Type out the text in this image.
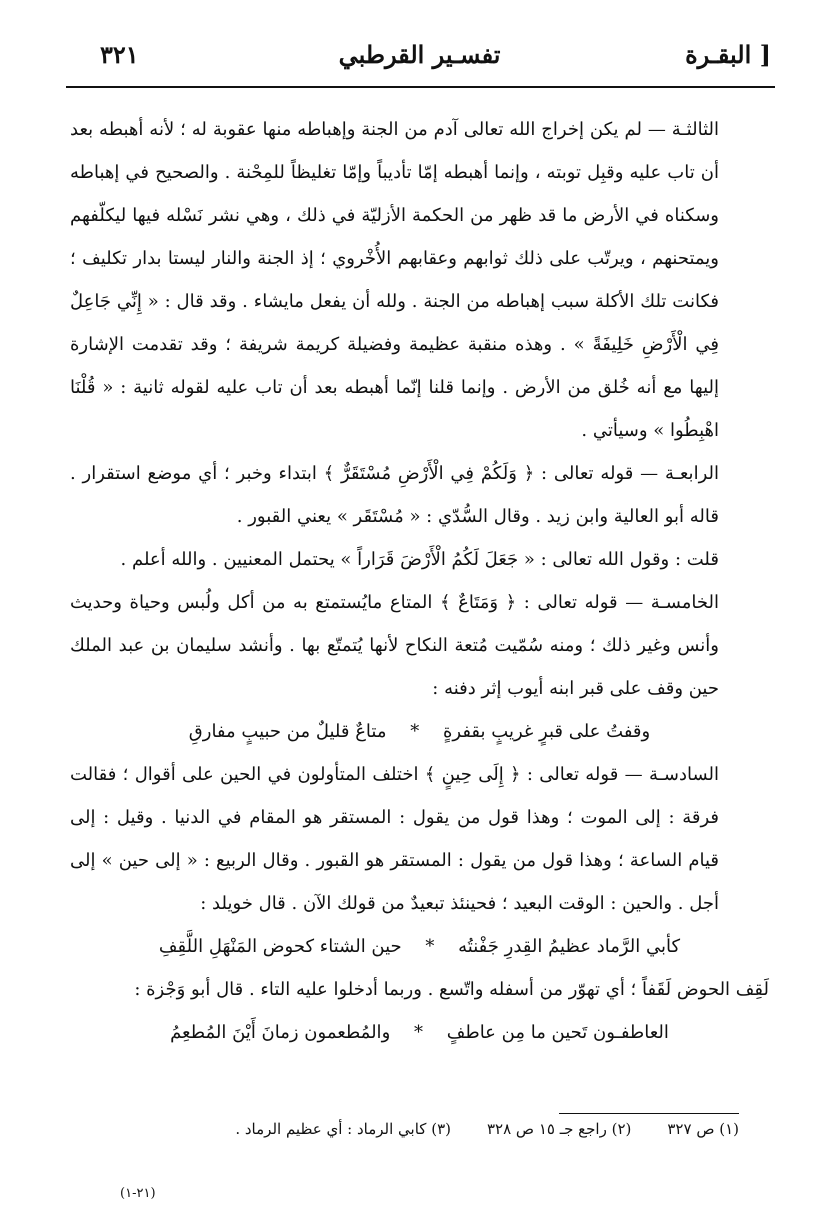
٣٢١	تفسـير القرطبي	البقـرة ]

الثالثـة — لم يكن إخراج الله تعالى آدم من الجنة وإهباطه منها عقوبة له ؛ لأنه أهبطه بعد أن تاب عليه وقبِل توبته ، وإنما أهبطه إمّا تأديباً وإمّا تغليظاً للمِحْنة . والصحيح في إهباطه وسكناه في الأرض ما قد ظهر من الحكمة الأزليّة في ذلك ، وهي نشر نَسْله فيها ليكلّفهم ويمتحنهم ، ويرتّب على ذلك ثوابهم وعقابهم الأُخْروي ؛ إذ الجنة والنار ليستا بدار تكليف ؛ فكانت تلك الأكلة سبب إهباطه من الجنة . ولله أن يفعل مايشاء . وقد قال : « إِنِّي جَاعِلٌ فِي الْأَرْضِ خَلِيفَةً » . وهذه منقبة عظيمة وفضيلة كريمة شريفة ؛ وقد تقدمت الإشارة إليها مع أنه خُلق من الأرض . وإنما قلنا إنّما أهبطه بعد أن تاب عليه لقوله ثانية : « قُلْنَا اهْبِطُوا » وسيأتي .

الرابعـة — قوله تعالى : ﴿ وَلَكُمْ فِي الْأَرْضِ مُسْتَقَرٌّ ﴾ ابتداء وخبر ؛ أي موضع استقرار . قاله أبو العالية وابن زيد . وقال السُّدّي : « مُسْتَقَر » يعني القبور .

قلت : وقول الله تعالى : « جَعَلَ لَكُمُ الْأَرْضَ قَرَاراً » يحتمل المعنيين . والله أعلم .

الخامسـة — قوله تعالى : ﴿ وَمَتَاعٌ ﴾ المتاع مايُستمتع به من أكل ولُبس وحياة وحديث وأنس وغير ذلك ؛ ومنه سُمّيت مُتعة النكاح لأنها يُتمتّع بها . وأنشد سليمان بن عبد الملك حين وقف على قبر ابنه أيوب إثر دفنه :

وقفتُ على قبرٍ غريبٍ بقفرةٍ * متاعٌ قليلٌ من حبيبٍ مفارقِ

السادسـة — قوله تعالى : ﴿ إِلَى حِينٍ ﴾ اختلف المتأولون في الحين على أقوال ؛ فقالت فرقة : إلى الموت ؛ وهذا قول من يقول : المستقر هو المقام في الدنيا . وقيل : إلى قيام الساعة ؛ وهذا قول من يقول : المستقر هو القبور . وقال الربيع : « إلى حين » إلى أجل . والحين : الوقت البعيد ؛ فحينئذ تبعيدٌ من قولك الآن . قال خويلد :

كأبي الرَّماد عظيمُ القِدرِ جَفْنتُه * حين الشتاء كحوض المَنْهَلِ اللَّقِفِ

لَقِف الحوض لَقَفاً ؛ أي تهوّر من أسفله واتّسع . وربما أدخلوا عليه التاء . قال أبو وَجْزة :

العاطفـون تَحين ما مِن عاطفٍ * والمُطعمون زمانَ أَيْنَ المُطعِمُ

(١) ص ٣٢٧
(٢) راجع جـ ١٥ ص ٣٢٨
(٣) كابي الرماد : أي عظيم الرماد .
(٢١-١)
